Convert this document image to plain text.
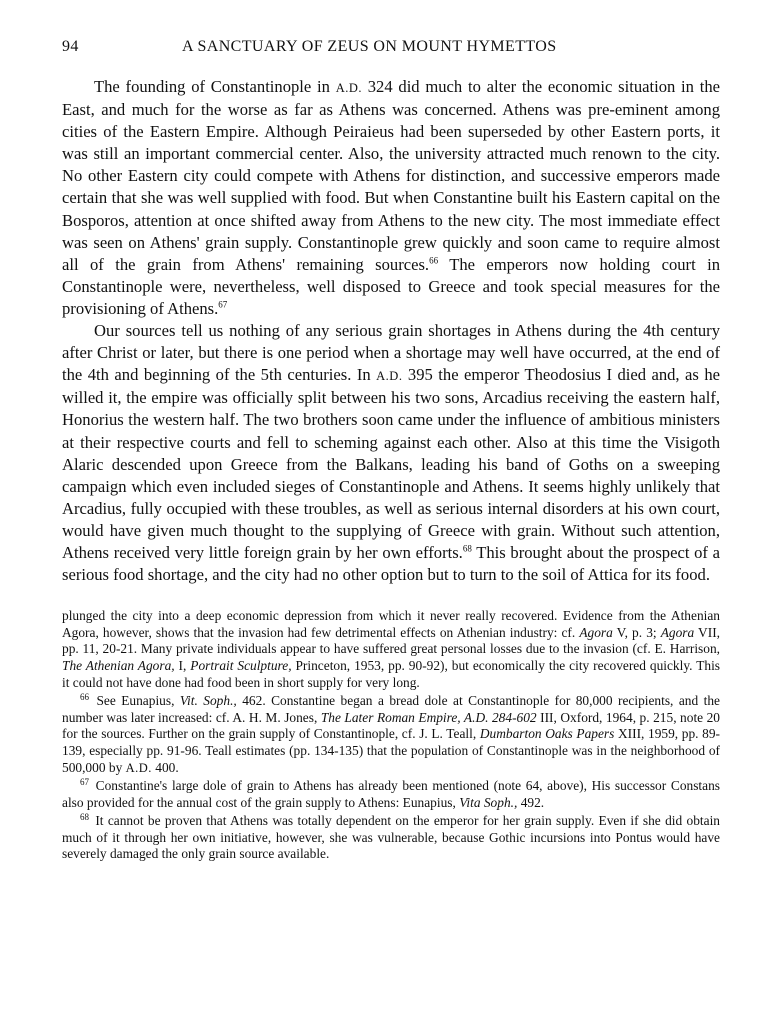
94	A SANCTUARY OF ZEUS ON MOUNT HYMETTOS

The founding of Constantinople in A.D. 324 did much to alter the economic situation in the East, and much for the worse as far as Athens was concerned. Athens was pre-eminent among cities of the Eastern Empire. Although Peiraieus had been superseded by other Eastern ports, it was still an important commercial center. Also, the university attracted much renown to the city. No other Eastern city could compete with Athens for distinction, and successive emperors made certain that she was well supplied with food. But when Constantine built his Eastern capital on the Bosporos, attention at once shifted away from Athens to the new city. The most immediate effect was seen on Athens' grain supply. Constantinople grew quickly and soon came to require almost all of the grain from Athens' remaining sources.$^{66}$ The emperors now holding court in Constantinople were, nevertheless, well disposed to Greece and took special measures for the provisioning of Athens.$^{67}$

Our sources tell us nothing of any serious grain shortages in Athens during the 4th century after Christ or later, but there is one period when a shortage may well have occurred, at the end of the 4th and beginning of the 5th centuries. In A.D. 395 the emperor Theodosius I died and, as he willed it, the empire was officially split between his two sons, Arcadius receiving the eastern half, Honorius the western half. The two brothers soon came under the influence of ambitious ministers at their respective courts and fell to scheming against each other. Also at this time the Visigoth Alaric descended upon Greece from the Balkans, leading his band of Goths on a sweeping campaign which even included sieges of Constantinople and Athens. It seems highly unlikely that Arcadius, fully occupied with these troubles, as well as serious internal disorders at his own court, would have given much thought to the supplying of Greece with grain. Without such attention, Athens received very little foreign grain by her own efforts.$^{68}$ This brought about the prospect of a serious food shortage, and the city had no other option but to turn to the soil of Attica for its food.

plunged the city into a deep economic depression from which it never really recovered. Evidence from the Athenian Agora, however, shows that the invasion had few detrimental effects on Athenian industry: cf. Agora V, p. 3; Agora VII, pp. 11, 20-21. Many private individuals appear to have suffered great personal losses due to the invasion (cf. E. Harrison, The Athenian Agora, I, Portrait Sculpture, Princeton, 1953, pp. 90-92), but economically the city recovered quickly. This it could not have done had food been in short supply for very long.

$^{66}$ See Eunapius, Vit. Soph., 462. Constantine began a bread dole at Constantinople for 80,000 recipients, and the number was later increased: cf. A. H. M. Jones, The Later Roman Empire, A.D. 284-602 III, Oxford, 1964, p. 215, note 20 for the sources. Further on the grain supply of Constantinople, cf. J. L. Teall, Dumbarton Oaks Papers XIII, 1959, pp. 89-139, especially pp. 91-96. Teall estimates (pp. 134-135) that the population of Constantinople was in the neighborhood of 500,000 by A.D. 400.

$^{67}$ Constantine's large dole of grain to Athens has already been mentioned (note 64, above), His successor Constans also provided for the annual cost of the grain supply to Athens: Eunapius, Vita Soph., 492.

$^{68}$ It cannot be proven that Athens was totally dependent on the emperor for her grain supply. Even if she did obtain much of it through her own initiative, however, she was vulnerable, because Gothic incursions into Pontus would have severely damaged the only grain source available.
